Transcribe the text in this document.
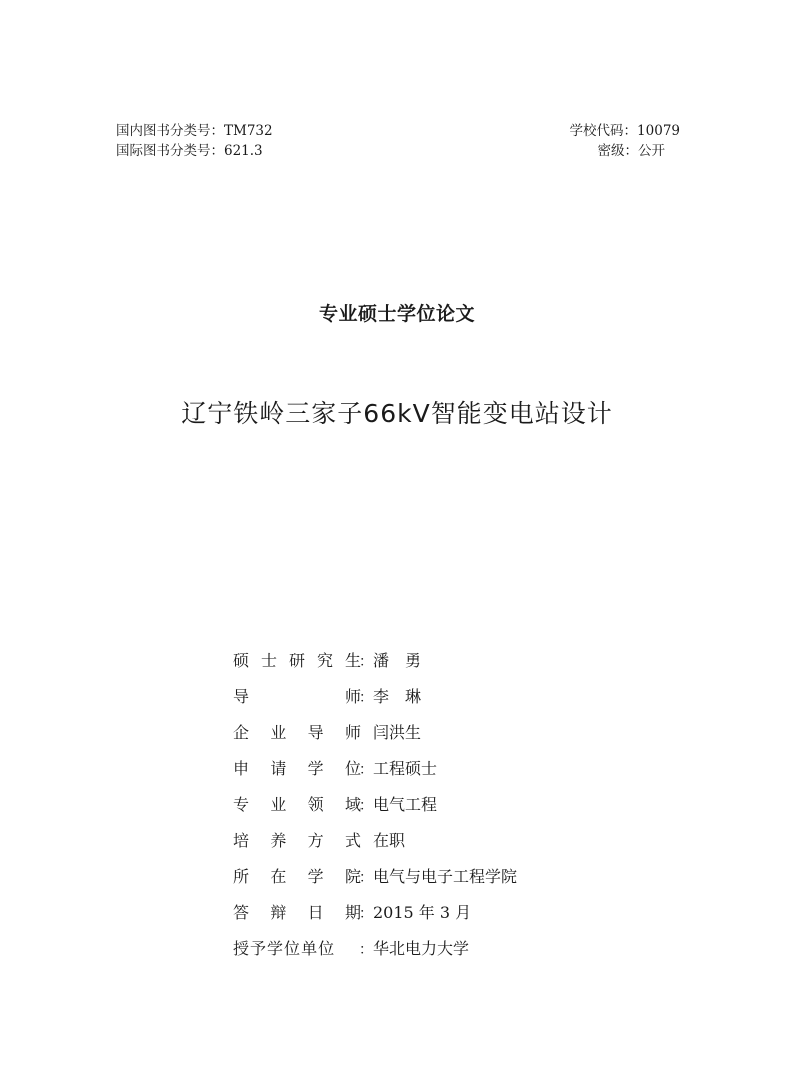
国内图书分类号：TM732
国际图书分类号：621.3
学校代码：10079
密级：公开
专业硕士学位论文
辽宁铁岭三家子66kV智能变电站设计
硕 士 研 究 生
： 潘　勇
导	师
： 李　琳
企 业 导 师 闫洪生
申 请 学 位
： 工程硕士
专 业 领 域
： 电气工程
培 养 方 式 在职
所 在 学 院
： 电气与电子工程学院
答 辩 日 期
： 2015 年 3 月
授 予 学 位 单 位 ： 华北电力大学
